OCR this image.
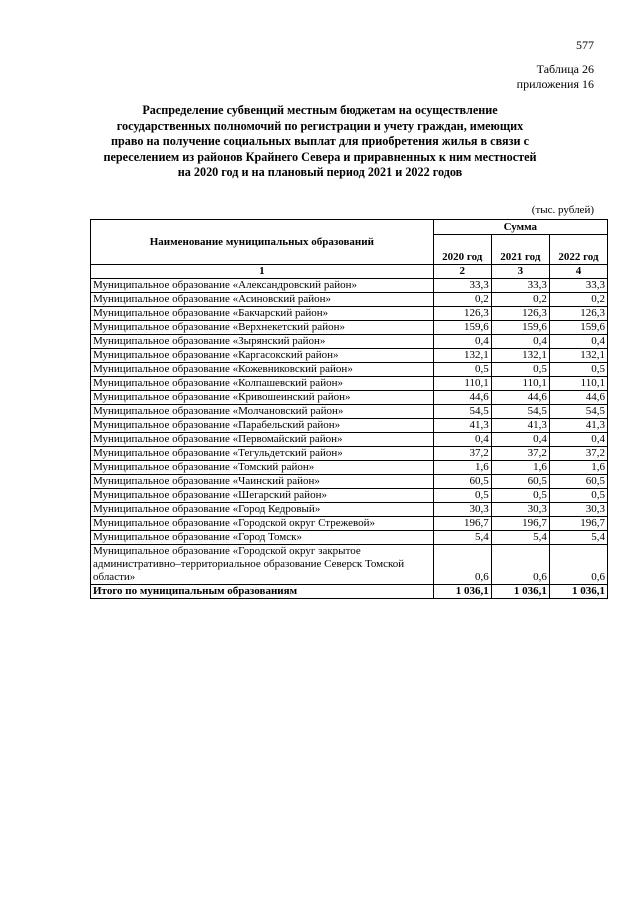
577
Таблица 26
приложения 16
Распределение субвенций местным бюджетам на осуществление
государственных полномочий по регистрации и учету граждан, имеющих
право на получение социальных выплат для приобретения жилья в связи с
переселением из районов Крайнего Севера и приравненных к ним местностей
на 2020 год и на плановый период 2021 и 2022 годов
(тыс. рублей)
Наименование муниципальных образований	Сумма		
	2020 год	2021 год	2022 год
1	2	3	4
Муниципальное образование «Александровский район»	33,3	33,3	33,3
Муниципальное образование «Асиновский район»	0,2	0,2	0,2
Муниципальное образование «Бакчарский район»	126,3	126,3	126,3
Муниципальное образование «Верхнекетский район»	159,6	159,6	159,6
Муниципальное образование «Зырянский район»	0,4	0,4	0,4
Муниципальное образование «Каргасокский район»	132,1	132,1	132,1
Муниципальное образование «Кожевниковский район»	0,5	0,5	0,5
Муниципальное образование «Колпашевский район»	110,1	110,1	110,1
Муниципальное образование «Кривошеинский район»	44,6	44,6	44,6
Муниципальное образование «Молчановский район»	54,5	54,5	54,5
Муниципальное образование «Парабельский район»	41,3	41,3	41,3
Муниципальное образование «Первомайский район»	0,4	0,4	0,4
Муниципальное образование «Тегульдетский район»	37,2	37,2	37,2
Муниципальное образование «Томский район»	1,6	1,6	1,6
Муниципальное образование «Чаинский район»	60,5	60,5	60,5
Муниципальное образование «Шегарский район»	0,5	0,5	0,5
Муниципальное образование «Город Кедровый»	30,3	30,3	30,3
Муниципальное образование «Городской округ Стрежевой»	196,7	196,7	196,7
Муниципальное образование «Город Томск»	5,4	5,4	5,4
Муниципальное образование «Городской округ закрытое административно–территориальное образование Северск Томской области»	0,6	0,6	0,6
Итого по муниципальным образованиям	1 036,1	1 036,1	1 036,1
